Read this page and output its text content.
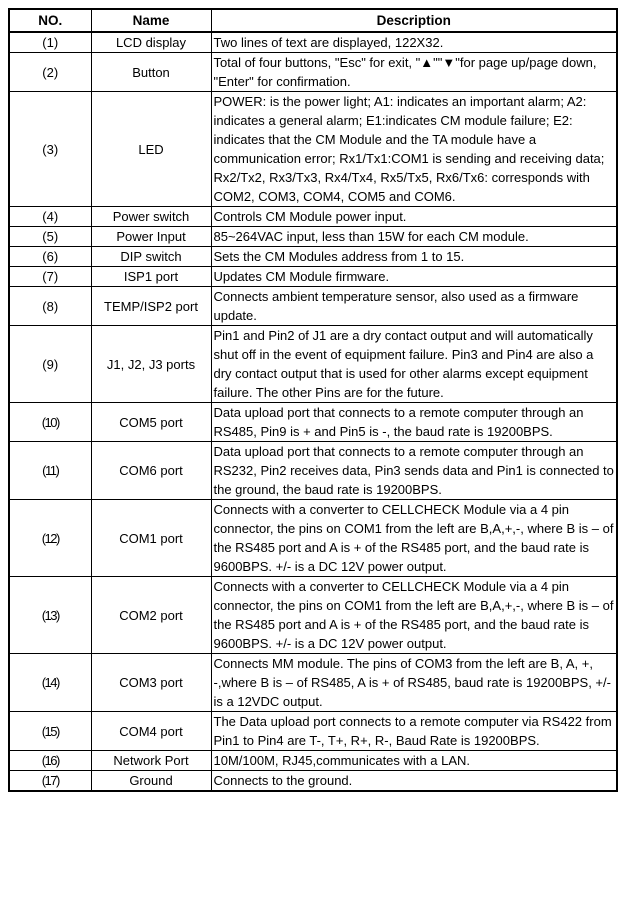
NO.	Name	Description
(1)	LCD display	Two lines of text are displayed, 122X32.
(2)	Button	Total of four buttons, "Esc" for exit, "▲""▼"for page up/page down, "Enter" for confirmation.
(3)	LED	POWER: is the power light; A1: indicates an important alarm; A2: indicates a general alarm; E1:indicates CM module failure; E2: indicates that the CM Module and the TA module have a communication error; Rx1/Tx1:COM1 is sending and receiving data; Rx2/Tx2, Rx3/Tx3, Rx4/Tx4, Rx5/Tx5, Rx6/Tx6: corresponds with COM2, COM3, COM4, COM5 and COM6.
(4)	Power switch	Controls CM Module power input.
(5)	Power Input	85~264VAC input, less than 15W for each CM module.
(6)	DIP switch	Sets the CM Modules address from 1 to 15.
(7)	ISP1 port	Updates CM Module firmware.
(8)	TEMP/ISP2 port	Connects ambient temperature sensor, also used as a firmware update.
(9)	J1, J2, J3 ports	Pin1 and Pin2 of J1 are a dry contact output and will automatically shut off in the event of equipment failure. Pin3 and Pin4 are also a dry contact output that is used for other alarms except equipment failure. The other Pins are for the future.
(10)	COM5 port	Data upload port that connects to a remote computer through an RS485, Pin9 is + and Pin5 is -, the baud rate is 19200BPS.
(11)	COM6 port	Data upload port that connects to a remote computer through an RS232, Pin2 receives data, Pin3 sends data and Pin1 is connected to the ground, the baud rate is 19200BPS.
(12)	COM1 port	Connects with a converter to CELLCHECK Module via a 4 pin connector, the pins on COM1 from the left are B,A,+,-, where B is – of the RS485 port and A is + of the RS485 port, and the baud rate is 9600BPS. +/- is a DC 12V power output.
(13)	COM2 port	Connects with a converter to CELLCHECK Module via a 4 pin connector, the pins on COM1 from the left are B,A,+,-, where B is – of the RS485 port and A is + of the RS485 port, and the baud rate is 9600BPS. +/- is a DC 12V power output.
(14)	COM3 port	Connects MM module. The pins of COM3 from the left are B, A, +, -,where B is – of RS485, A is + of RS485, baud rate is 19200BPS, +/- is a 12VDC output.
(15)	COM4 port	The Data upload port connects to a remote computer via RS422 from Pin1 to Pin4 are T-, T+, R+, R-, Baud Rate is 19200BPS.
(16)	Network Port	10M/100M, RJ45,communicates with a LAN.
(17)	Ground	Connects to the ground.
